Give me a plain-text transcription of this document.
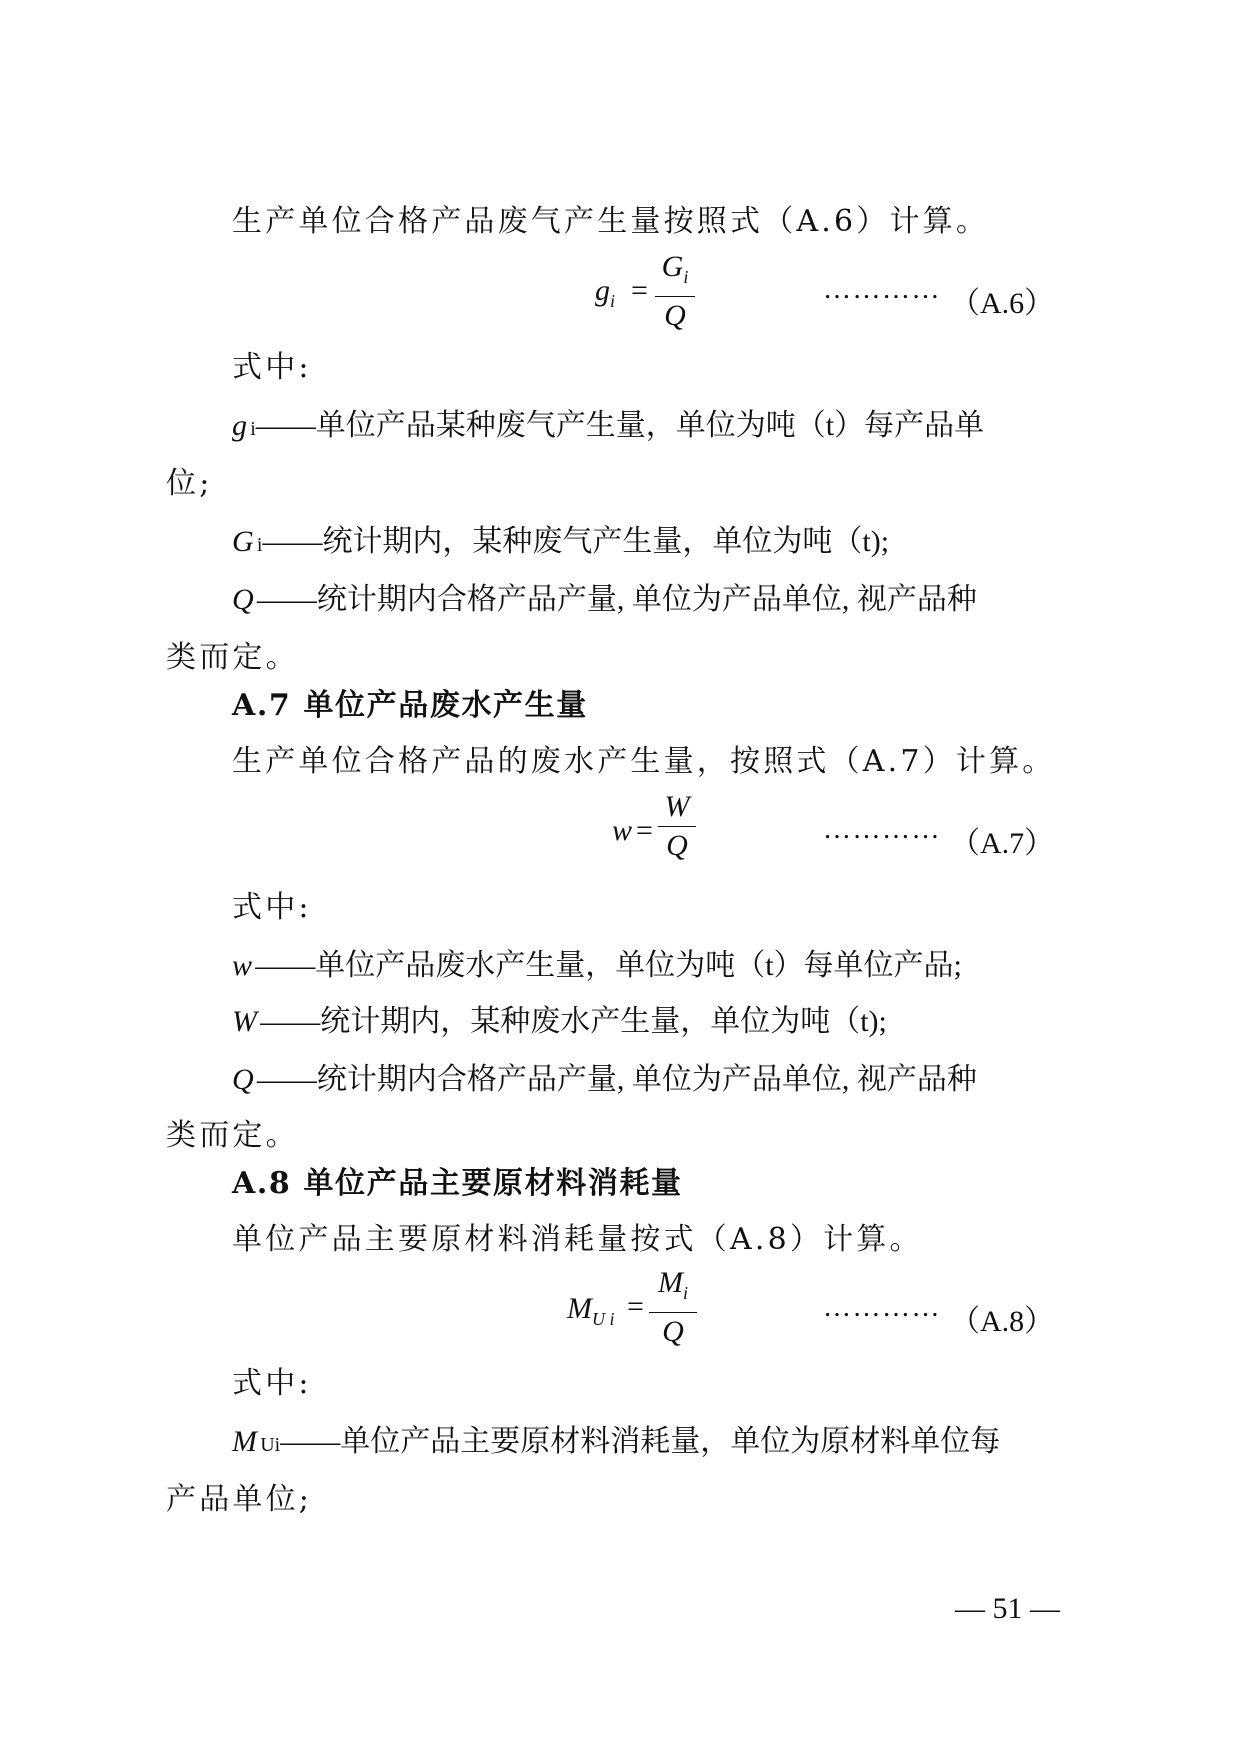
生产单位合格产品废气产生量按照式（A.6）计算。
$g_i$ =
$G_i$
Q
………… （A.6）
式中:
gi——单位产品某种废气产生量，单位为吨（t）每产品单
位;
Gi——统计期内，某种废气产生量，单位为吨（t);
Q——统计期内合格产品产量, 单位为产品单位, 视产品种
类而定。
A.7 单位产品废水产生量
生产单位合格产品的废水产生量，按照式（A.7）计算。
w =
W
Q	………… （A.7）
式中:
w——单位产品废水产生量，单位为吨（t）每单位产品;
W——统计期内，某种废水产生量，单位为吨（t);
Q——统计期内合格产品产量, 单位为产品单位, 视产品种
类而定。
A.8 单位产品主要原材料消耗量
单位产品主要原材料消耗量按式（A.8）计算。
$M_{U i}$ =
$M_i$
Q
………… （A.8）
式中:
MUi——单位产品主要原材料消耗量，单位为原材料单位每
产品单位;
— 51 —
